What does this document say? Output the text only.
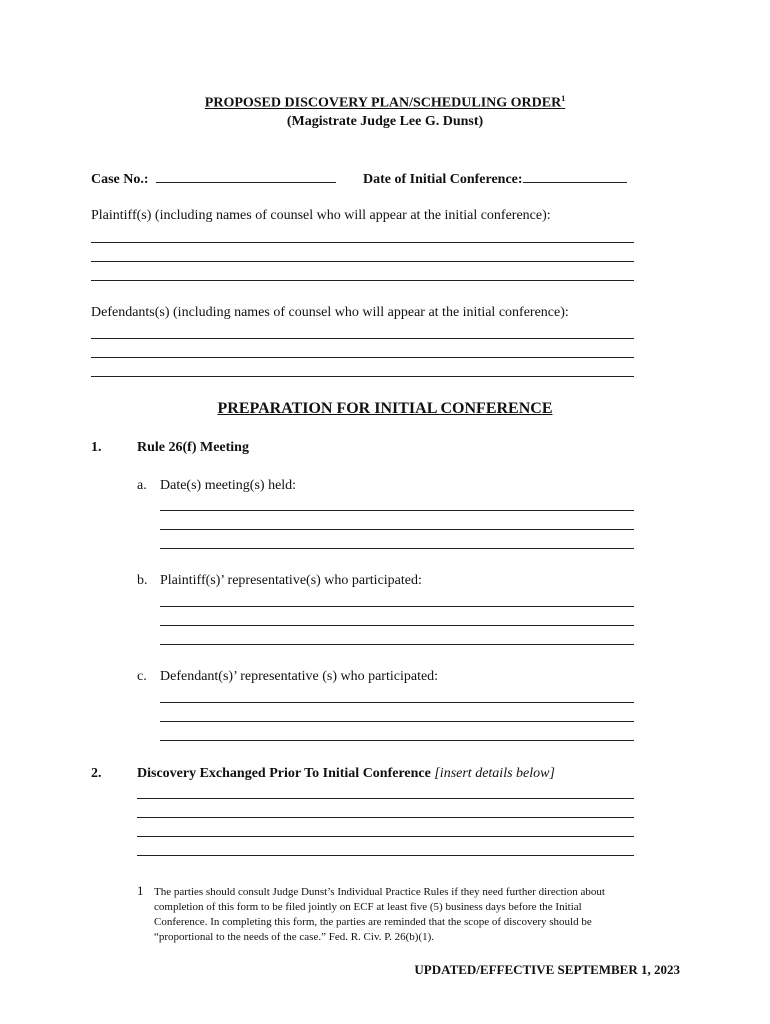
PROPOSED DISCOVERY PLAN/SCHEDULING ORDER$^1$
(Magistrate Judge Lee G. Dunst)
Case No.:	Date of Initial Conference:
Plaintiff(s) (including names of counsel who will appear at the initial conference):
Defendants(s) (including names of counsel who will appear at the initial conference):
PREPARATION FOR INITIAL CONFERENCE
1.	Rule 26(f) Meeting
a. Date(s) meeting(s) held:
b. Plaintiff(s)’ representative(s) who participated:
c. Defendant(s)’ representative (s) who participated:
2.	Discovery Exchanged Prior To Initial Conference [insert details below]
1 The parties should consult Judge Dunst’s Individual Practice Rules if they need further direction about
completion of this form to be filed jointly on ECF at least five (5) business days before the Initial
Conference. In completing this form, the parties are reminded that the scope of discovery should be
“proportional to the needs of the case.” Fed. R. Civ. P. 26(b)(1).
UPDATED/EFFECTIVE SEPTEMBER 1, 2023
